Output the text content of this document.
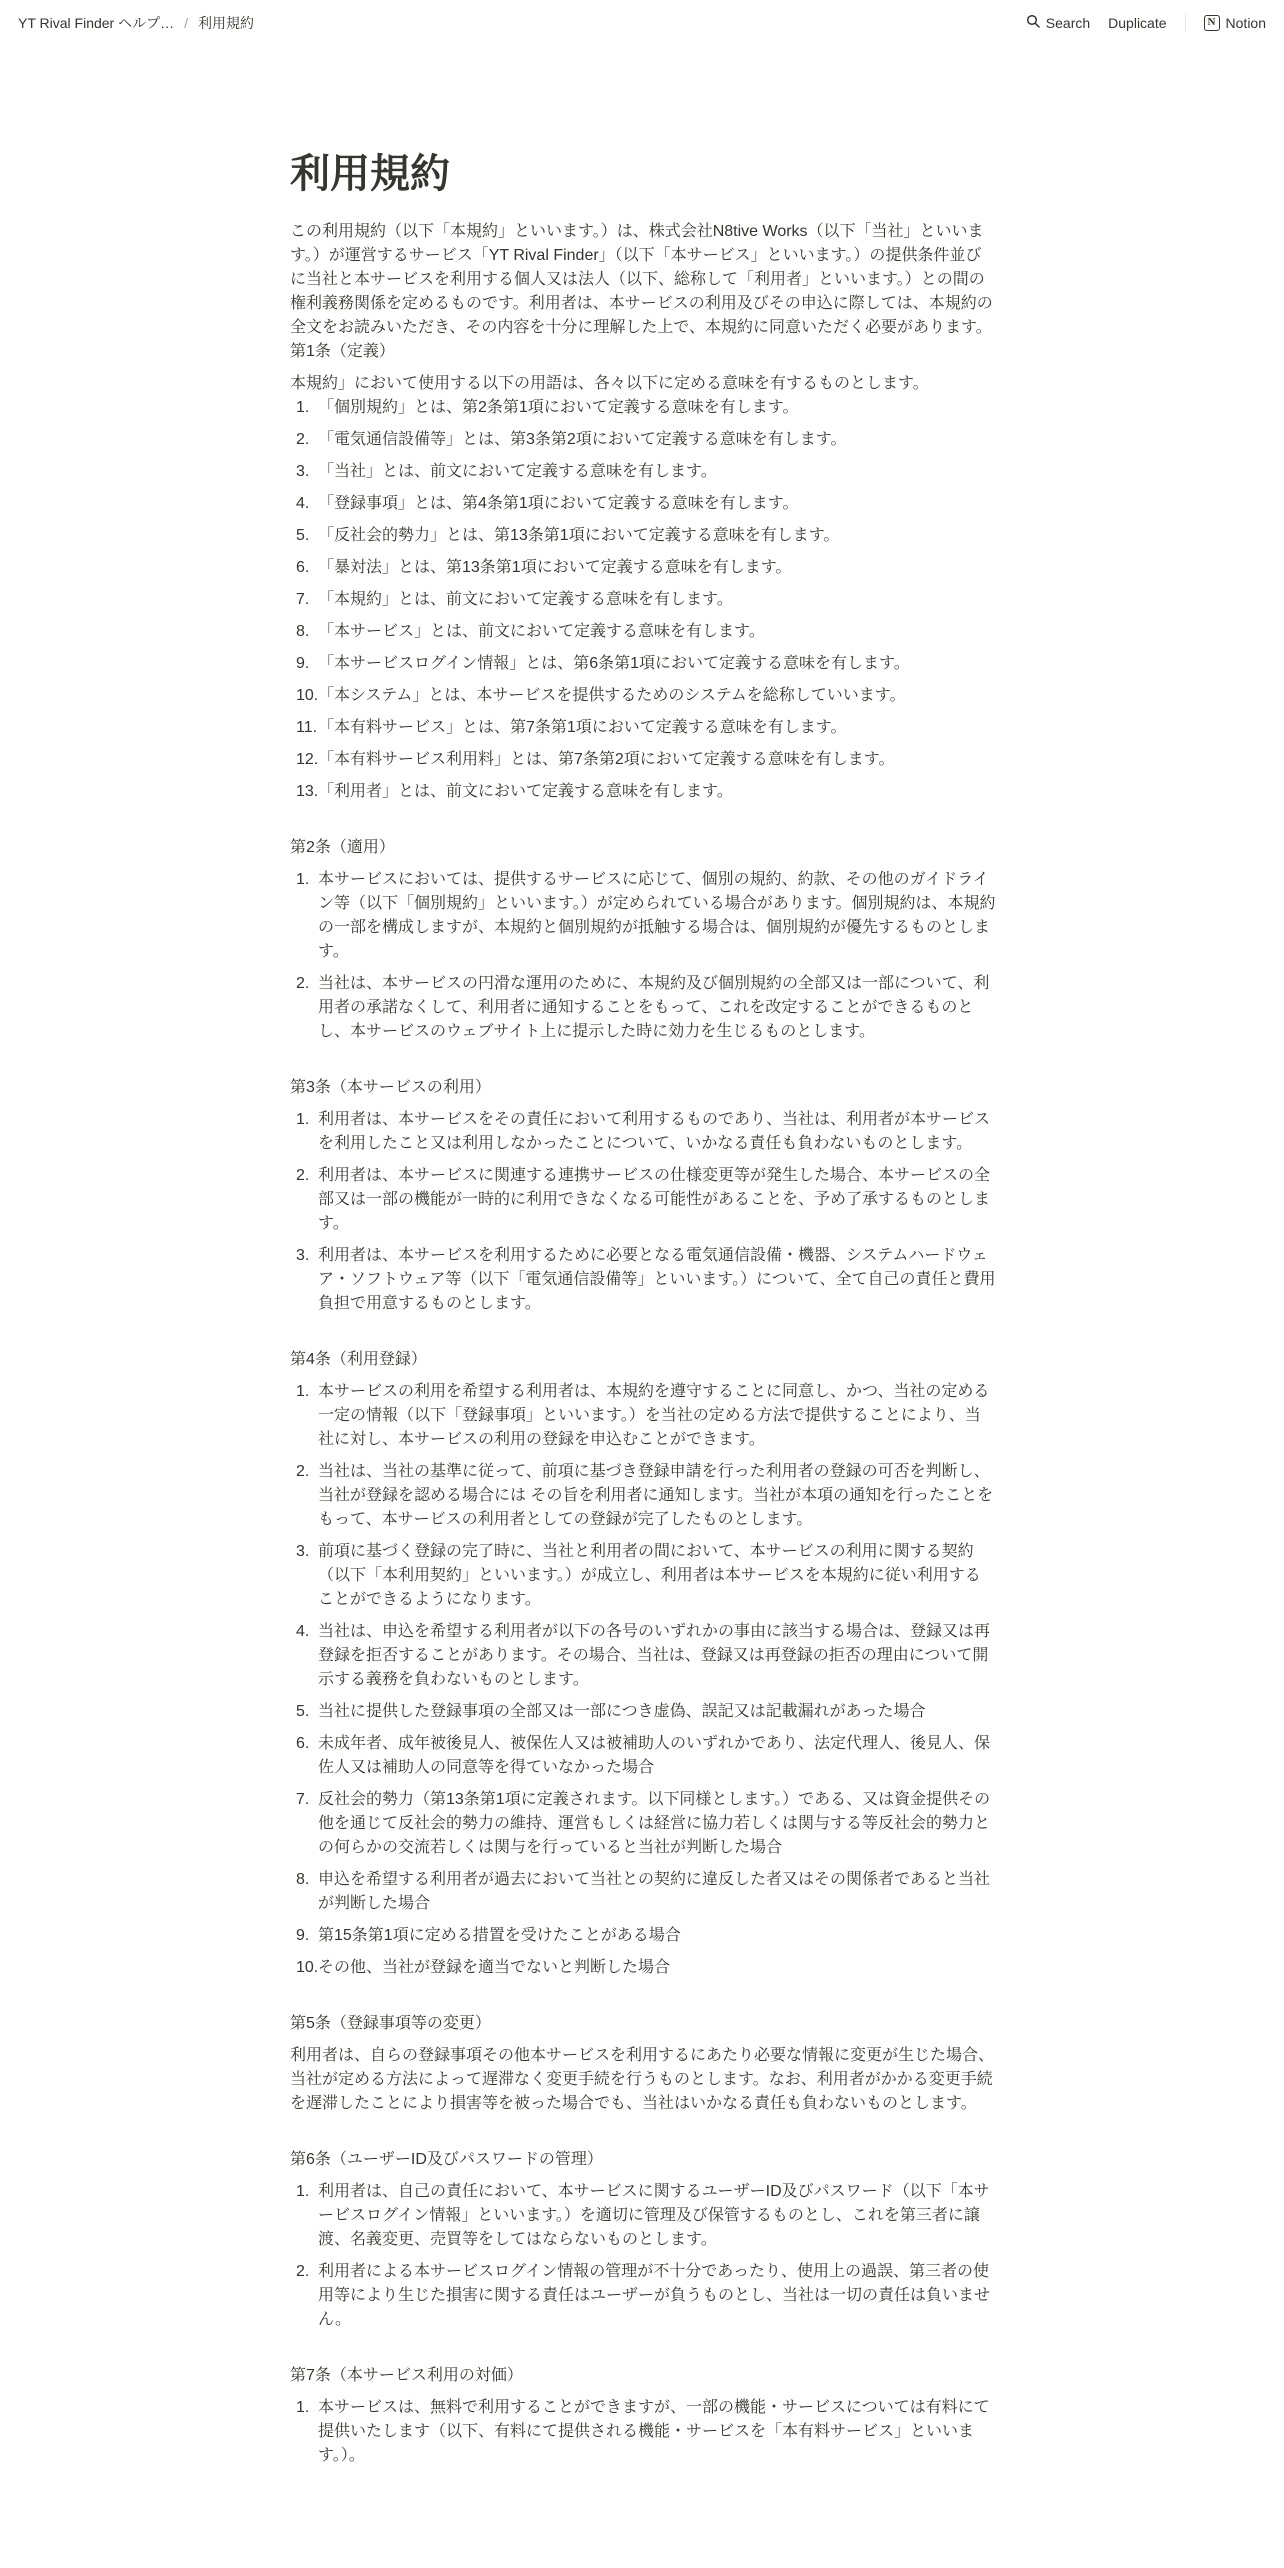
YT Rival Finder ヘルプ… / 利用規約	Search Duplicate	N Notion
利用規約

この利用規約（以下「本規約」といいます。）は、株式会社N8tive Works（以下「当社」といいます。）が運営するサービス「YT Rival Finder」（以下「本サービス」といいます。）の提供条件並びに当社と本サービスを利用する個人又は法人（以下、総称して「利用者」といいます。）との間の権利義務関係を定めるものです。利用者は、本サービスの利用及びその申込に際しては、本規約の全文をお読みいただき、その内容を十分に理解した上で、本規約に同意いただく必要があります。

第1条（定義）

本規約」において使用する以下の用語は、各々以下に定める意味を有するものとします。

1. 「個別規約」とは、第2条第1項において定義する意味を有します。
2. 「電気通信設備等」とは、第3条第2項において定義する意味を有します。
3. 「当社」とは、前文において定義する意味を有します。
4. 「登録事項」とは、第4条第1項において定義する意味を有します。
5. 「反社会的勢力」とは、第13条第1項において定義する意味を有します。
6. 「暴対法」とは、第13条第1項において定義する意味を有します。
7. 「本規約」とは、前文において定義する意味を有します。
8. 「本サービス」とは、前文において定義する意味を有します。
9. 「本サービスログイン情報」とは、第6条第1項において定義する意味を有します。
10. 「本システム」とは、本サービスを提供するためのシステムを総称していいます。
11. 「本有料サービス」とは、第7条第1項において定義する意味を有します。
12. 「本有料サービス利用料」とは、第7条第2項において定義する意味を有します。
13. 「利用者」とは、前文において定義する意味を有します。
第2条（適用）
1. 本サービスにおいては、提供するサービスに応じて、個別の規約、約款、その他のガイドライン等（以下「個別規約」といいます。）が定められている場合があります。個別規約は、本規約の一部を構成しますが、本規約と個別規約が抵触する場合は、個別規約が優先するものとします。
2. 当社は、本サービスの円滑な運用のために、本規約及び個別規約の全部又は一部について、利用者の承諾なくして、利用者に通知することをもって、これを改定することができるものとし、本サービスのウェブサイト上に提示した時に効力を生じるものとします。
第3条（本サービスの利用）
1. 利用者は、本サービスをその責任において利用するものであり、当社は、利用者が本サービスを利用したこと又は利用しなかったことについて、いかなる責任も負わないものとします。
2. 利用者は、本サービスに関連する連携サービスの仕様変更等が発生した場合、本サービスの全部又は一部の機能が一時的に利用できなくなる可能性があることを、予め了承するものとします。
3. 利用者は、本サービスを利用するために必要となる電気通信設備・機器、システムハードウェア・ソフトウェア等（以下「電気通信設備等」といいます。）について、全て自己の責任と費用負担で用意するものとします。
第4条（利用登録）
1. 本サービスの利用を希望する利用者は、本規約を遵守することに同意し、かつ、当社の定める一定の情報（以下「登録事項」といいます。）を当社の定める方法で提供することにより、当社に対し、本サービスの利用の登録を申込むことができます。
2. 当社は、当社の基準に従って、前項に基づき登録申請を行った利用者の登録の可否を判断し、当社が登録を認める場合には その旨を利用者に通知します。当社が本項の通知を行ったことをもって、本サービスの利用者としての登録が完了したものとします。
3. 前項に基づく登録の完了時に、当社と利用者の間において、本サービスの利用に関する契約（以下「本利用契約」といいます。）が成立し、利用者は本サービスを本規約に従い利用することができるようになります。
4. 当社は、申込を希望する利用者が以下の各号のいずれかの事由に該当する場合は、登録又は再登録を拒否することがあります。その場合、当社は、登録又は再登録の拒否の理由について開示する義務を負わないものとします。
5. 当社に提供した登録事項の全部又は一部につき虚偽、誤記又は記載漏れがあった場合
6. 未成年者、成年被後見人、被保佐人又は被補助人のいずれかであり、法定代理人、後見人、保佐人又は補助人の同意等を得ていなかった場合
7. 反社会的勢力（第13条第1項に定義されます。以下同様とします。）である、又は資金提供その他を通じて反社会的勢力の維持、運営もしくは経営に協力若しくは関与する等反社会的勢力との何らかの交流若しくは関与を行っていると当社が判断した場合
8. 申込を希望する利用者が過去において当社との契約に違反した者又はその関係者であると当社が判断した場合
9. 第15条第1項に定める措置を受けたことがある場合
10. その他、当社が登録を適当でないと判断した場合
第5条（登録事項等の変更）

利用者は、自らの登録事項その他本サービスを利用するにあたり必要な情報に変更が生じた場合、当社が定める方法によって遅滞なく変更手続を行うものとします。なお、利用者がかかる変更手続を遅滞したことにより損害等を被った場合でも、当社はいかなる責任も負わないものとします。

第6条（ユーザーID及びパスワードの管理）
1. 利用者は、自己の責任において、本サービスに関するユーザーID及びパスワード（以下「本サービスログイン情報」といいます。）を適切に管理及び保管するものとし、これを第三者に譲渡、名義変更、売買等をしてはならないものとします。
2. 利用者による本サービスログイン情報の管理が不十分であったり、使用上の過誤、第三者の使用等により生じた損害に関する責任はユーザーが負うものとし、当社は一切の責任は負いません。
第7条（本サービス利用の対価）
1. 本サービスは、無料で利用することができますが、一部の機能・サービスについては有料にて提供いたします（以下、有料にて提供される機能・サービスを「本有料サービス」といいます。）。
